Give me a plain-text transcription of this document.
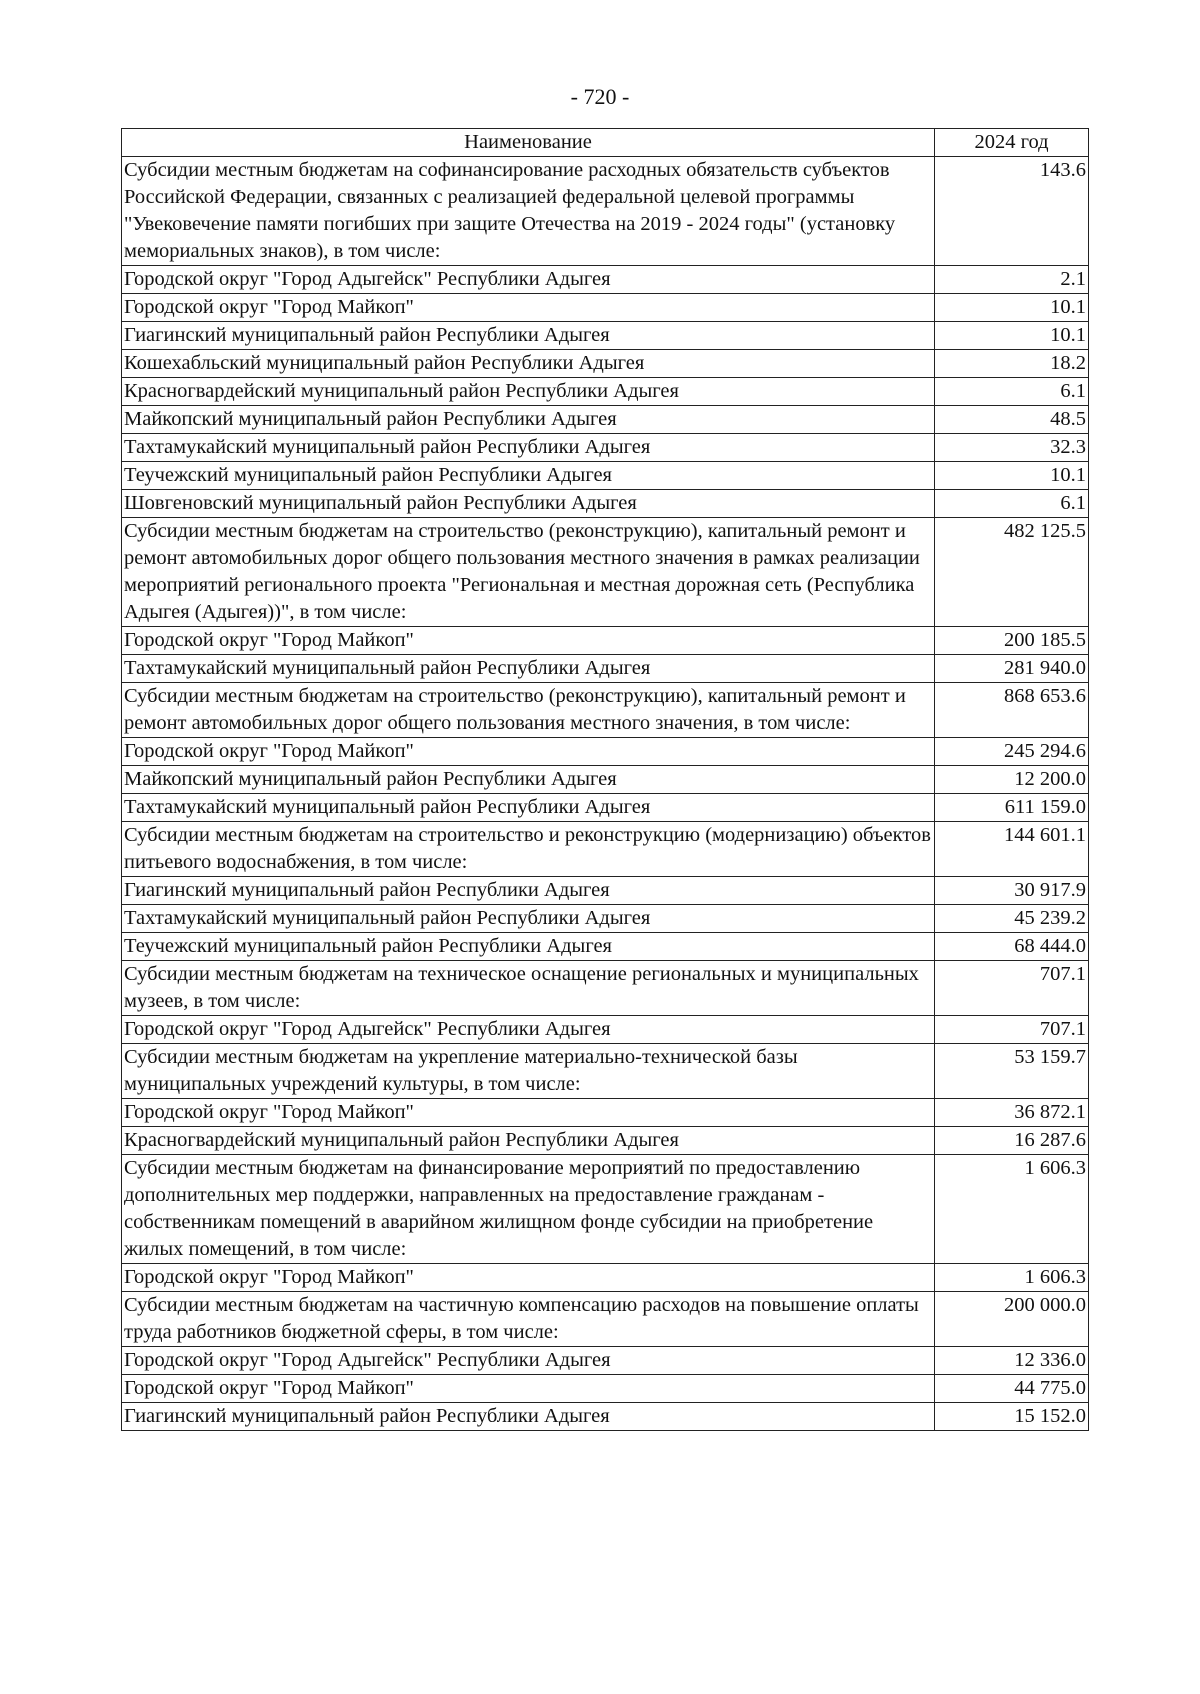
- 720 -
Наименование	2024 год
Субсидии местным бюджетам на софинансирование расходных обязательств субъектов Российской Федерации, связанных с реализацией федеральной целевой программы "Увековечение памяти погибших при защите Отечества на 2019 - 2024 годы" (установку мемориальных знаков), в том числе:	143.6
Городской округ "Город Адыгейск" Республики Адыгея	2.1
Городской округ "Город Майкоп"	10.1
Гиагинский муниципальный район Республики Адыгея	10.1
Кошехабльский муниципальный район Республики Адыгея	18.2
Красногвардейский муниципальный район Республики Адыгея	6.1
Майкопский муниципальный район Республики Адыгея	48.5
Тахтамукайский муниципальный район Республики Адыгея	32.3
Теучежский муниципальный район Республики Адыгея	10.1
Шовгеновский муниципальный район Республики Адыгея	6.1
Субсидии местным бюджетам на строительство (реконструкцию), капитальный ремонт и ремонт автомобильных дорог общего пользования местного значения в рамках реализации мероприятий регионального проекта "Региональная и местная дорожная сеть (Республика Адыгея (Адыгея))", в том числе:	482 125.5
Городской округ "Город Майкоп"	200 185.5
Тахтамукайский муниципальный район Республики Адыгея	281 940.0
Субсидии местным бюджетам на строительство (реконструкцию), капитальный ремонт и ремонт автомобильных дорог общего пользования местного значения, в том числе:	868 653.6
Городской округ "Город Майкоп"	245 294.6
Майкопский муниципальный район Республики Адыгея	12 200.0
Тахтамукайский муниципальный район Республики Адыгея	611 159.0
Субсидии местным бюджетам на строительство и реконструкцию (модернизацию) объектов питьевого водоснабжения, в том числе:	144 601.1
Гиагинский муниципальный район Республики Адыгея	30 917.9
Тахтамукайский муниципальный район Республики Адыгея	45 239.2
Теучежский муниципальный район Республики Адыгея	68 444.0
Субсидии местным бюджетам на техническое оснащение региональных и муниципальных музеев, в том числе:	707.1
Городской округ "Город Адыгейск" Республики Адыгея	707.1
Субсидии местным бюджетам на укрепление материально-технической базы муниципальных учреждений культуры, в том числе:	53 159.7
Городской округ "Город Майкоп"	36 872.1
Красногвардейский муниципальный район Республики Адыгея	16 287.6
Субсидии местным бюджетам на финансирование мероприятий по предоставлению дополнительных мер поддержки, направленных на предоставление гражданам - собственникам помещений в аварийном жилищном фонде субсидии на приобретение жилых помещений, в том числе:	1 606.3
Городской округ "Город Майкоп"	1 606.3
Субсидии местным бюджетам на частичную компенсацию расходов на повышение оплаты труда работников бюджетной сферы, в том числе:	200 000.0
Городской округ "Город Адыгейск" Республики Адыгея	12 336.0
Городской округ "Город Майкоп"	44 775.0
Гиагинский муниципальный район Республики Адыгея	15 152.0
